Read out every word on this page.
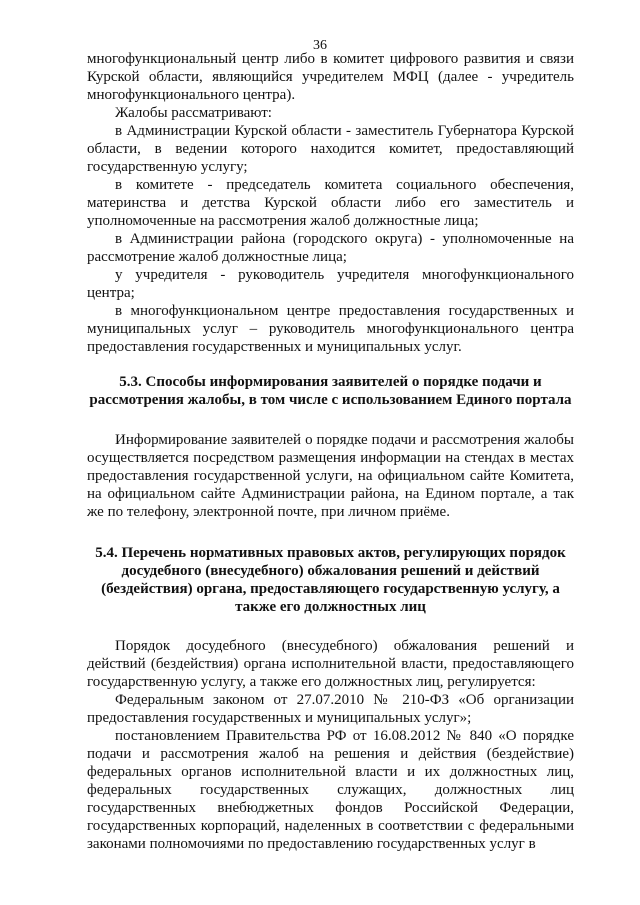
36

многофункциональный центр либо в комитет цифрового развития и связи Курской области, являющийся учредителем МФЦ (далее - учредитель многофункционального центра).

Жалобы рассматривают:

в Администрации Курской области - заместитель Губернатора Курской области, в ведении которого находится комитет, предоставляющий государственную услугу;

в комитете - председатель комитета социального обеспечения, материнства и детства Курской области либо его заместитель и уполномоченные на рассмотрения жалоб должностные лица;

в Администрации района (городского округа) - уполномоченные на рассмотрение жалоб должностные лица;

у учредителя - руководитель учредителя многофункционального центра;

в многофункциональном центре предоставления государственных и муниципальных услуг – руководитель многофункционального центра предоставления государственных и муниципальных услуг.

5.3. Способы информирования заявителей о порядке подачи и рассмотрения жалобы, в том числе с использованием Единого портала

Информирование заявителей о порядке подачи и рассмотрения жалобы осуществляется посредством размещения информации на стендах в местах предоставления государственной услуги, на официальном сайте Комитета, на официальном сайте Администрации района, на Едином портале, а так же по телефону, электронной почте, при личном приёме.

5.4. Перечень нормативных правовых актов, регулирующих порядок досудебного (внесудебного) обжалования решений и действий (бездействия) органа, предоставляющего государственную услугу, а также его должностных лиц

Порядок досудебного (внесудебного) обжалования решений и действий (бездействия) органа исполнительной власти, предоставляющего государственную услугу, а также его должностных лиц, регулируется:

Федеральным законом от 27.07.2010 № 210-ФЗ «Об организации предоставления государственных и муниципальных услуг»;

постановлением Правительства РФ от 16.08.2012 № 840 «О порядке подачи и рассмотрения жалоб на решения и действия (бездействие) федеральных органов исполнительной власти и их должностных лиц, федеральных государственных служащих, должностных лиц государственных внебюджетных фондов Российской Федерации, государственных корпораций, наделенных в соответствии с федеральными законами полномочиями по предоставлению государственных услуг в
